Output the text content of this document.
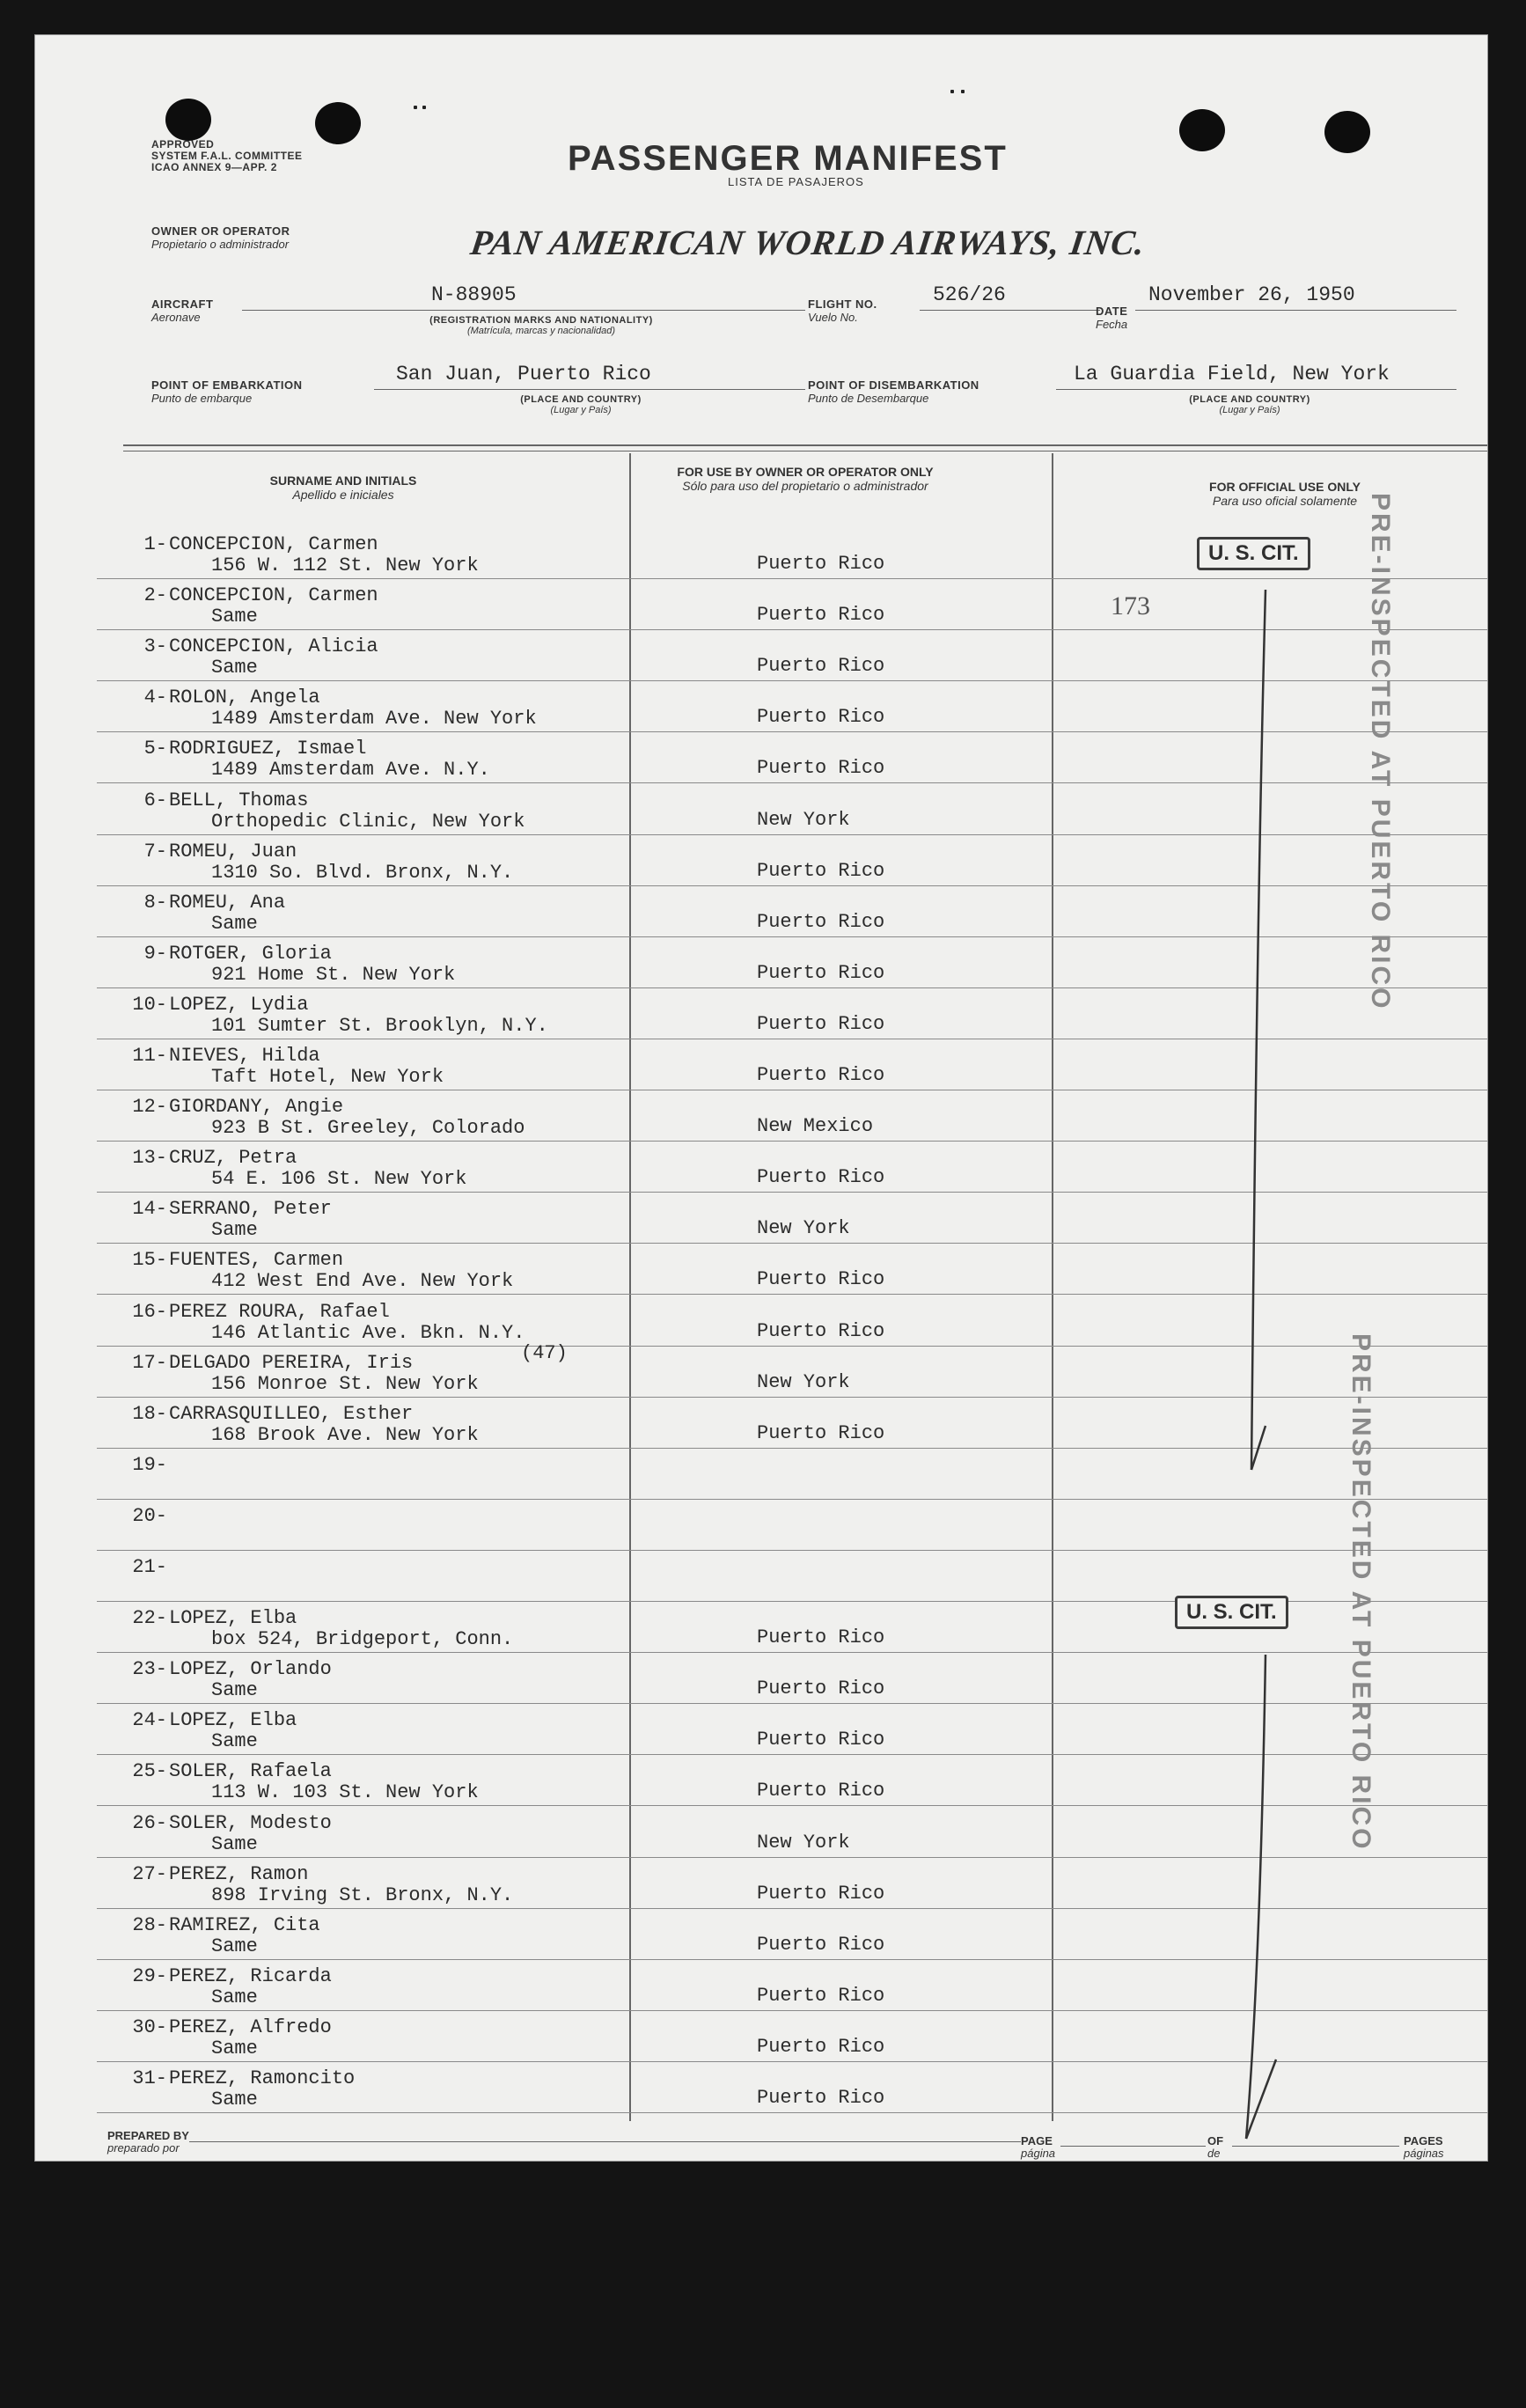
APPROVED
SYSTEM F.A.L. COMMITTEE
ICAO ANNEX 9—APP. 2	PASSENGER MANIFEST
LISTA DE PASAJEROS
OWNER OR OPERATOR
Propietario o administrador	PAN AMERICAN WORLD AIRWAYS, INC.
AIRCRAFT
Aeronave
N-88905
(REGISTRATION MARKS AND NATIONALITY)
(Matrícula, marcas y nacionalidad)
FLIGHT NO.
Vuelo No.
526/26
DATE
Fecha
November 26, 1950
POINT OF EMBARKATION
Punto de embarque
San Juan, Puerto Rico
(PLACE AND COUNTRY)
(Lugar y País)
POINT OF DISEMBARKATION
Punto de Desembarque
La Guardia Field, New York
(PLACE AND COUNTRY)
(Lugar y País)
SURNAME AND INITIALS
Apellido e iniciales
FOR USE BY OWNER OR OPERATOR ONLY
Sólo para uso del propietario o administrador	FOR OFFICIAL USE ONLY
Para uso oficial solamente
1- CONCEPCION, Carmen
156 W. 112 St. New York	Puerto Rico
2- CONCEPCION, Carmen
Same	Puerto Rico
3- CONCEPCION, Alicia
Same	Puerto Rico
4- ROLON, Angela
1489 Amsterdam Ave. New York	Puerto Rico
5- RODRIGUEZ, Ismael
1489 Amsterdam Ave. N.Y.	Puerto Rico
6- BELL, Thomas
Orthopedic Clinic, New York	New York
7- ROMEU, Juan
1310 So. Blvd. Bronx, N.Y.	Puerto Rico
8- ROMEU, Ana
Same	Puerto Rico
9- ROTGER, Gloria
921 Home St. New York	Puerto Rico
10- LOPEZ, Lydia
101 Sumter St. Brooklyn, N.Y.	Puerto Rico
11- NIEVES, Hilda
Taft Hotel, New York	Puerto Rico
12- GIORDANY, Angie
923 B St. Greeley, Colorado	New Mexico
13- CRUZ, Petra
54 E. 106 St. New York	Puerto Rico
14- SERRANO, Peter
Same	New York
15- FUENTES, Carmen
412 West End Ave. New York	Puerto Rico
16- PEREZ ROURA, Rafael
146 Atlantic Ave. Bkn. N.Y.	Puerto Rico
17- DELGADO PEREIRA, Iris
156 Monroe St. New York	New York
18- CARRASQUILLEO, Esther
168 Brook Ave. New York	Puerto Rico
19-
20-
21-
22- LOPEZ, Elba
box 524, Bridgeport, Conn.	Puerto Rico
23- LOPEZ, Orlando
Same	Puerto Rico
24- LOPEZ, Elba
Same	Puerto Rico
25- SOLER, Rafaela
113 W. 103 St. New York	Puerto Rico
26- SOLER, Modesto
Same	New York
27- PEREZ, Ramon
898 Irving St. Bronx, N.Y.	Puerto Rico
28- RAMIREZ, Cita
Same	Puerto Rico
29- PEREZ, Ricarda
Same	Puerto Rico
30- PEREZ, Alfredo
Same	Puerto Rico
31- PEREZ, Ramoncito
Same	Puerto Rico
U. S. CIT.
U. S. CIT.
173
(47)
PRE-INSPECTED AT PUERTO RICO
PRE-INSPECTED AT PUERTO RICO
PREPARED BY
preparado por
PAGE
página
OF
de
PAGES
páginas
